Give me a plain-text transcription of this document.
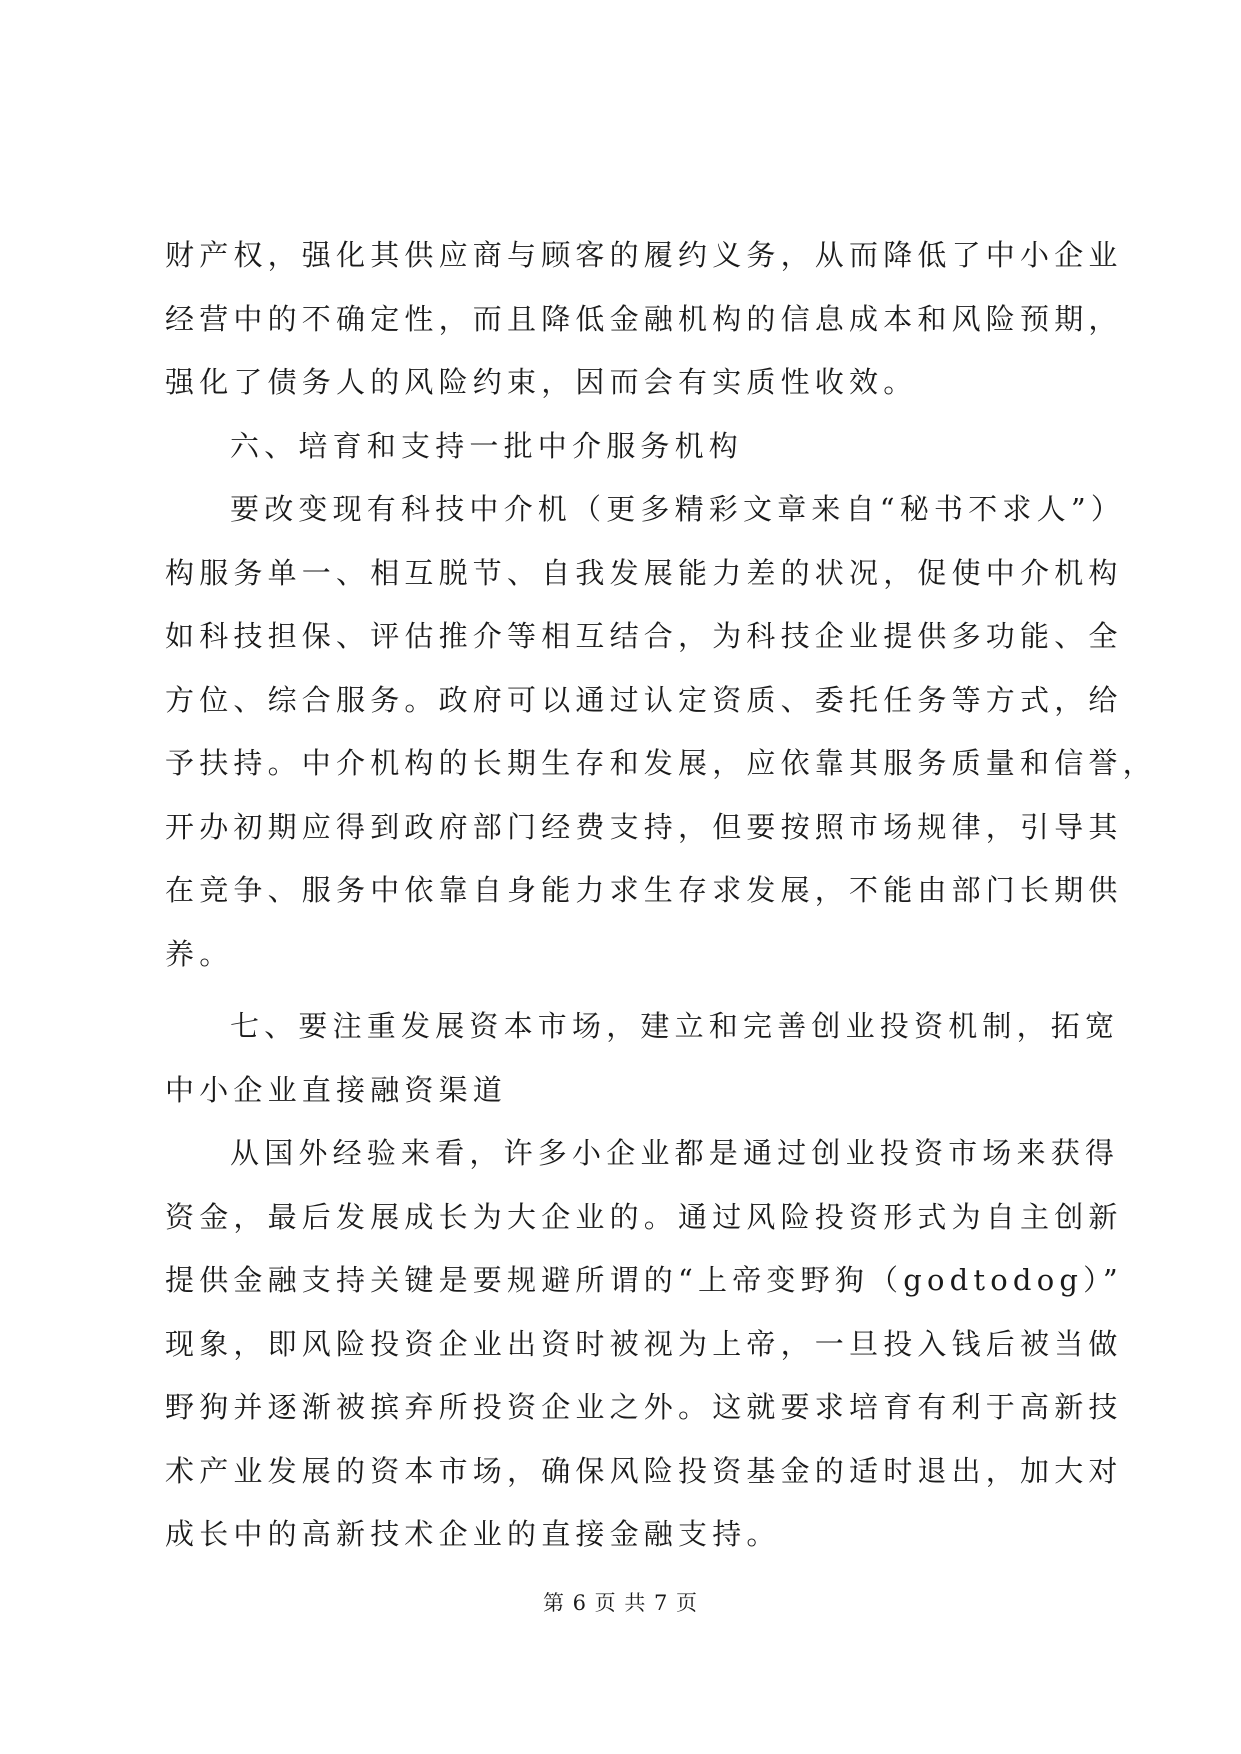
财产权，强化其供应商与顾客的履约义务，从而降低了中小企业
经营中的不确定性，而且降低金融机构的信息成本和风险预期，
强化了债务人的风险约束，因而会有实质性收效。
六、培育和支持一批中介服务机构
要改变现有科技中介机（更多精彩文章来自“秘书不求人”）
构服务单一、相互脱节、自我发展能力差的状况，促使中介机构
如科技担保、评估推介等相互结合，为科技企业提供多功能、全
方位、综合服务。政府可以通过认定资质、委托任务等方式，给
予扶持。中介机构的长期生存和发展，应依靠其服务质量和信誉，
开办初期应得到政府部门经费支持，但要按照市场规律，引导其
在竞争、服务中依靠自身能力求生存求发展，不能由部门长期供
养。
七、要注重发展资本市场，建立和完善创业投资机制，拓宽
中小企业直接融资渠道
从国外经验来看，许多小企业都是通过创业投资市场来获得
资金，最后发展成长为大企业的。通过风险投资形式为自主创新
提供金融支持关键是要规避所谓的“上帝变野狗（godtodog）”
现象，即风险投资企业出资时被视为上帝，一旦投入钱后被当做
野狗并逐渐被摈弃所投资企业之外。这就要求培育有利于高新技
术产业发展的资本市场，确保风险投资基金的适时退出，加大对
成长中的高新技术企业的直接金融支持。
第 6 页 共 7 页
